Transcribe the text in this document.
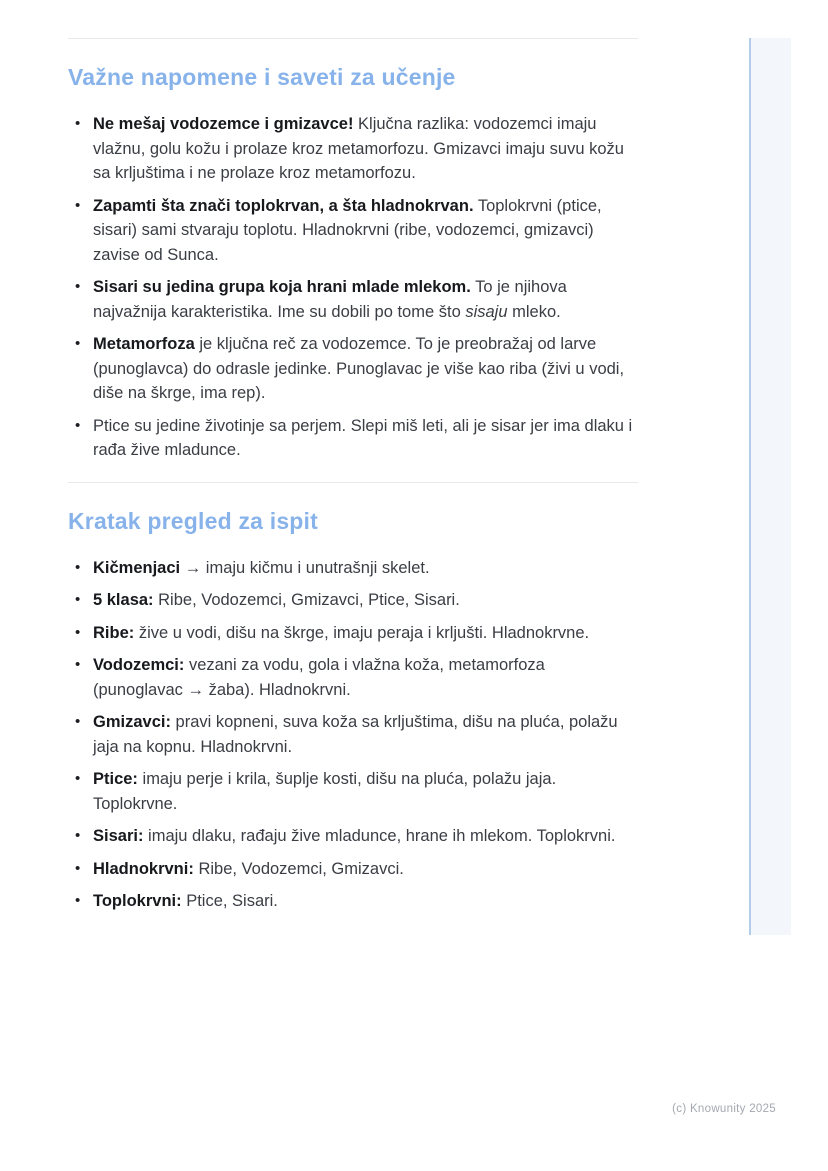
Važne napomene i saveti za učenje
• Ne mešaj vodozemce i gmizavce! Ključna razlika: vodozemci imaju vlažnu, golu kožu i prolaze kroz metamorfozu. Gmizavci imaju suvu kožu sa krljuštima i ne prolaze kroz metamorfozu.
• Zapamti šta znači toplokrvan, a šta hladnokrvan. Toplokrvni (ptice, sisari) sami stvaraju toplotu. Hladnokrvni (ribe, vodozemci, gmizavci) zavise od Sunca.
• Sisari su jedina grupa koja hrani mlade mlekom. To je njihova najvažnija karakteristika. Ime su dobili po tome što sisaju mleko.
• Metamorfoza je ključna reč za vodozemce. To je preobražaj od larve (punoglavca) do odrasle jedinke. Punoglavac je više kao riba (živi u vodi, diše na škrge, ima rep).
• Ptice su jedine životinje sa perjem. Slepi miš leti, ali je sisar jer ima dlaku i rađa žive mladunce.
Kratak pregled za ispit
• Kičmenjaci → imaju kičmu i unutrašnji skelet.
• 5 klasa: Ribe, Vodozemci, Gmizavci, Ptice, Sisari.
• Ribe: žive u vodi, dišu na škrge, imaju peraja i krljušti. Hladnokrvne.
• Vodozemci: vezani za vodu, gola i vlažna koža, metamorfoza (punoglavac → žaba). Hladnokrvni.
• Gmizavci: pravi kopneni, suva koža sa krljuštima, dišu na pluća, polažu jaja na kopnu. Hladnokrvni.
• Ptice: imaju perje i krila, šuplje kosti, dišu na pluća, polažu jaja. Toplokrvne.
• Sisari: imaju dlaku, rađaju žive mladunce, hrane ih mlekom. Toplokrvni.
• Hladnokrvni: Ribe, Vodozemci, Gmizavci.
• Toplokrvni: Ptice, Sisari.
(c) Knowunity 2025
